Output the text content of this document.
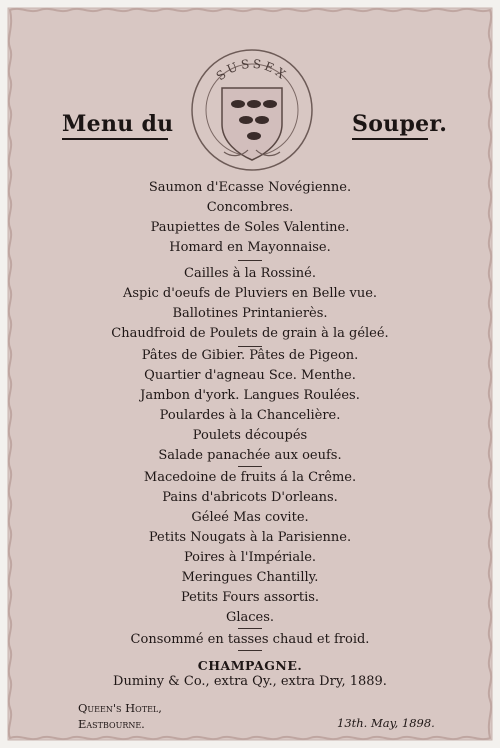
SUSSEX
Menu du	Souper.
Saumon d'Ecasse Novégienne.
Concombres.
Paupiettes de Soles Valentine.
Homard en Mayonnaise.
Cailles à la Rossiné.
Aspic d'oeufs de Pluviers en Belle vue.
Ballotines Printanierès.
Chaudfroid de Poulets de grain à la géleé.
Pâtes de Gibier. Pâtes de Pigeon.
Quartier d'agneau Sce. Menthe.
Jambon d'york. Langues Roulées.
Poulardes à la Chancelière.
Poulets découpés
Salade panachée aux oeufs.
Macedoine de fruits á la Crême.
Pains d'abricots D'orleans.
Géleé Mas covite.
Petits Nougats à la Parisienne.
Poires à l'Impériale.
Meringues Chantilly.
Petits Fours assortis.
Glaces.
Consommé en tasses chaud et froid.
CHAMPAGNE.
Duminy & Co., extra Qy., extra Dry, 1889.
Queen's Hotel,
Eastbourne.	13th. May, 1898.
